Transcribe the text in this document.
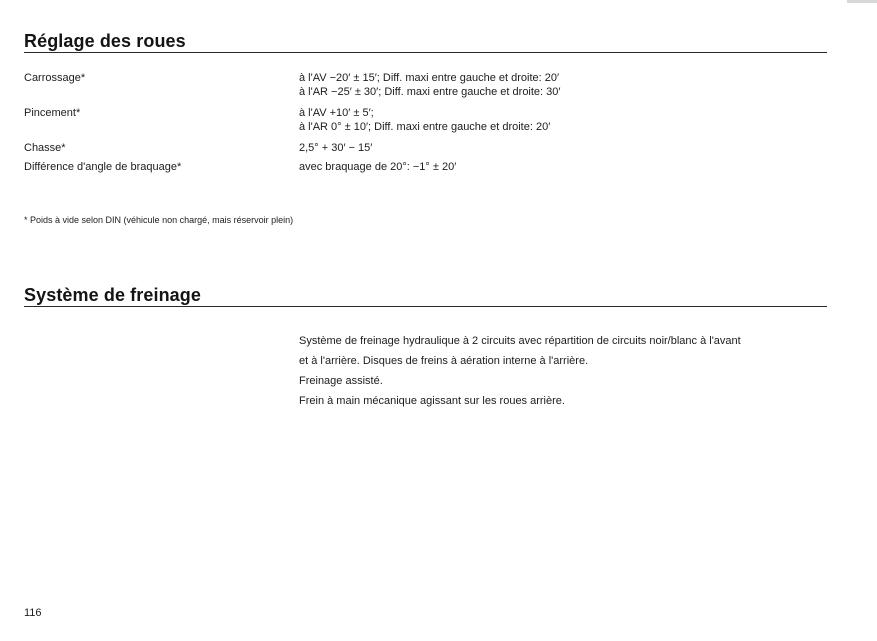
Réglage des roues
Carrossage*	à l'AV −20′ ± 15′; Diff. maxi entre gauche et droite: 20′
à l'AR −25′ ± 30′; Diff. maxi entre gauche et droite: 30′
Pincement*	à l'AV +10′ ± 5′;
à l'AR 0° ± 10′; Diff. maxi entre gauche et droite: 20′
Chasse*	2,5° + 30′ − 15′
Différence d'angle de braquage*	avec braquage de 20°: −1° ± 20′
* Poids à vide selon DIN (véhicule non chargé, mais réservoir plein)
Système de freinage
Système de freinage hydraulique à 2 circuits avec répartition de circuits noir/blanc à l'avant
et à l'arrière. Disques de freins à aération interne à l'arrière.
Freinage assisté.
Frein à main mécanique agissant sur les roues arrière.
116
